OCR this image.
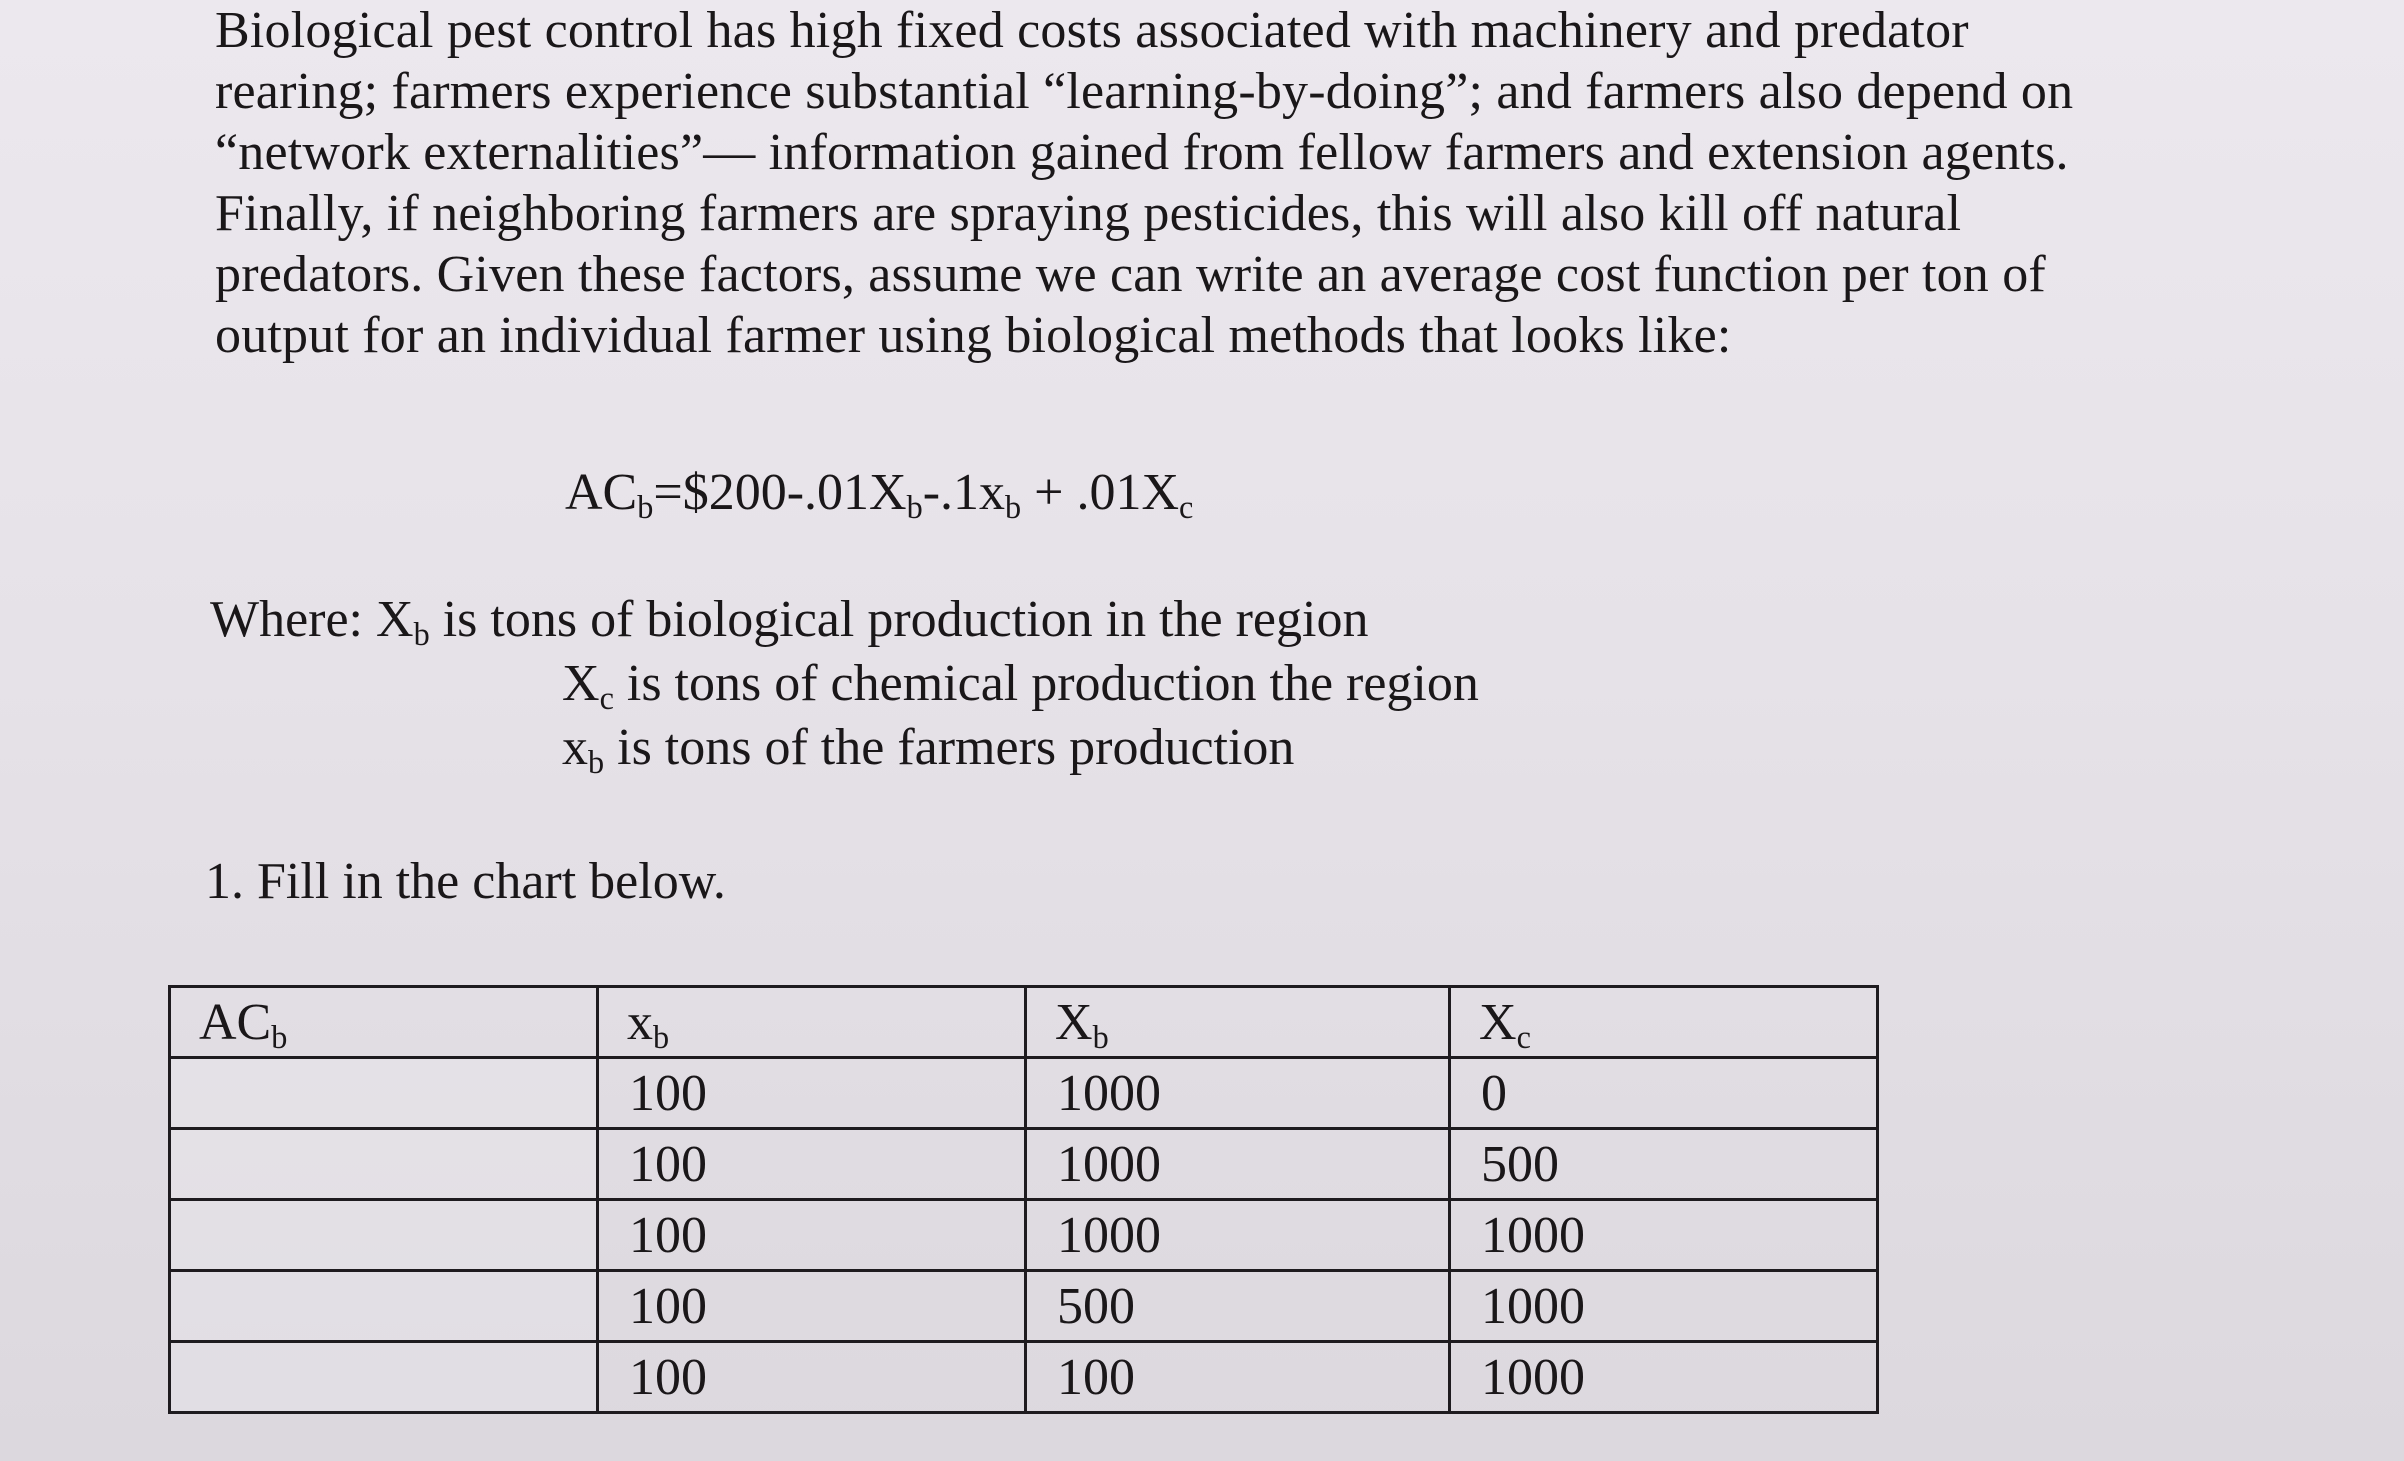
Biological pest control has high fixed costs associated with machinery and predator
rearing; farmers experience substantial “learning-by-doing”; and farmers also depend on
“network externalities”— information gained from fellow farmers and extension agents.
Finally, if neighboring farmers are spraying pesticides, this will also kill off natural
predators. Given these factors, assume we can write an average cost function per ton of
output for an individual farmer using biological methods that looks like:
$AC_b=\$200-.01X_b-.1x_b + .01X_c$
Where: $X_b$ is tons of biological production in the region
$X_c$ is tons of chemical production the region
$x_b$ is tons of the farmers production
1. Fill in the chart below.
$AC_b$	$x_b$	$X_b$	$X_c$
	100	1000	0
	100	1000	500
	100	1000	1000
	100	500	1000
	100	100	1000
